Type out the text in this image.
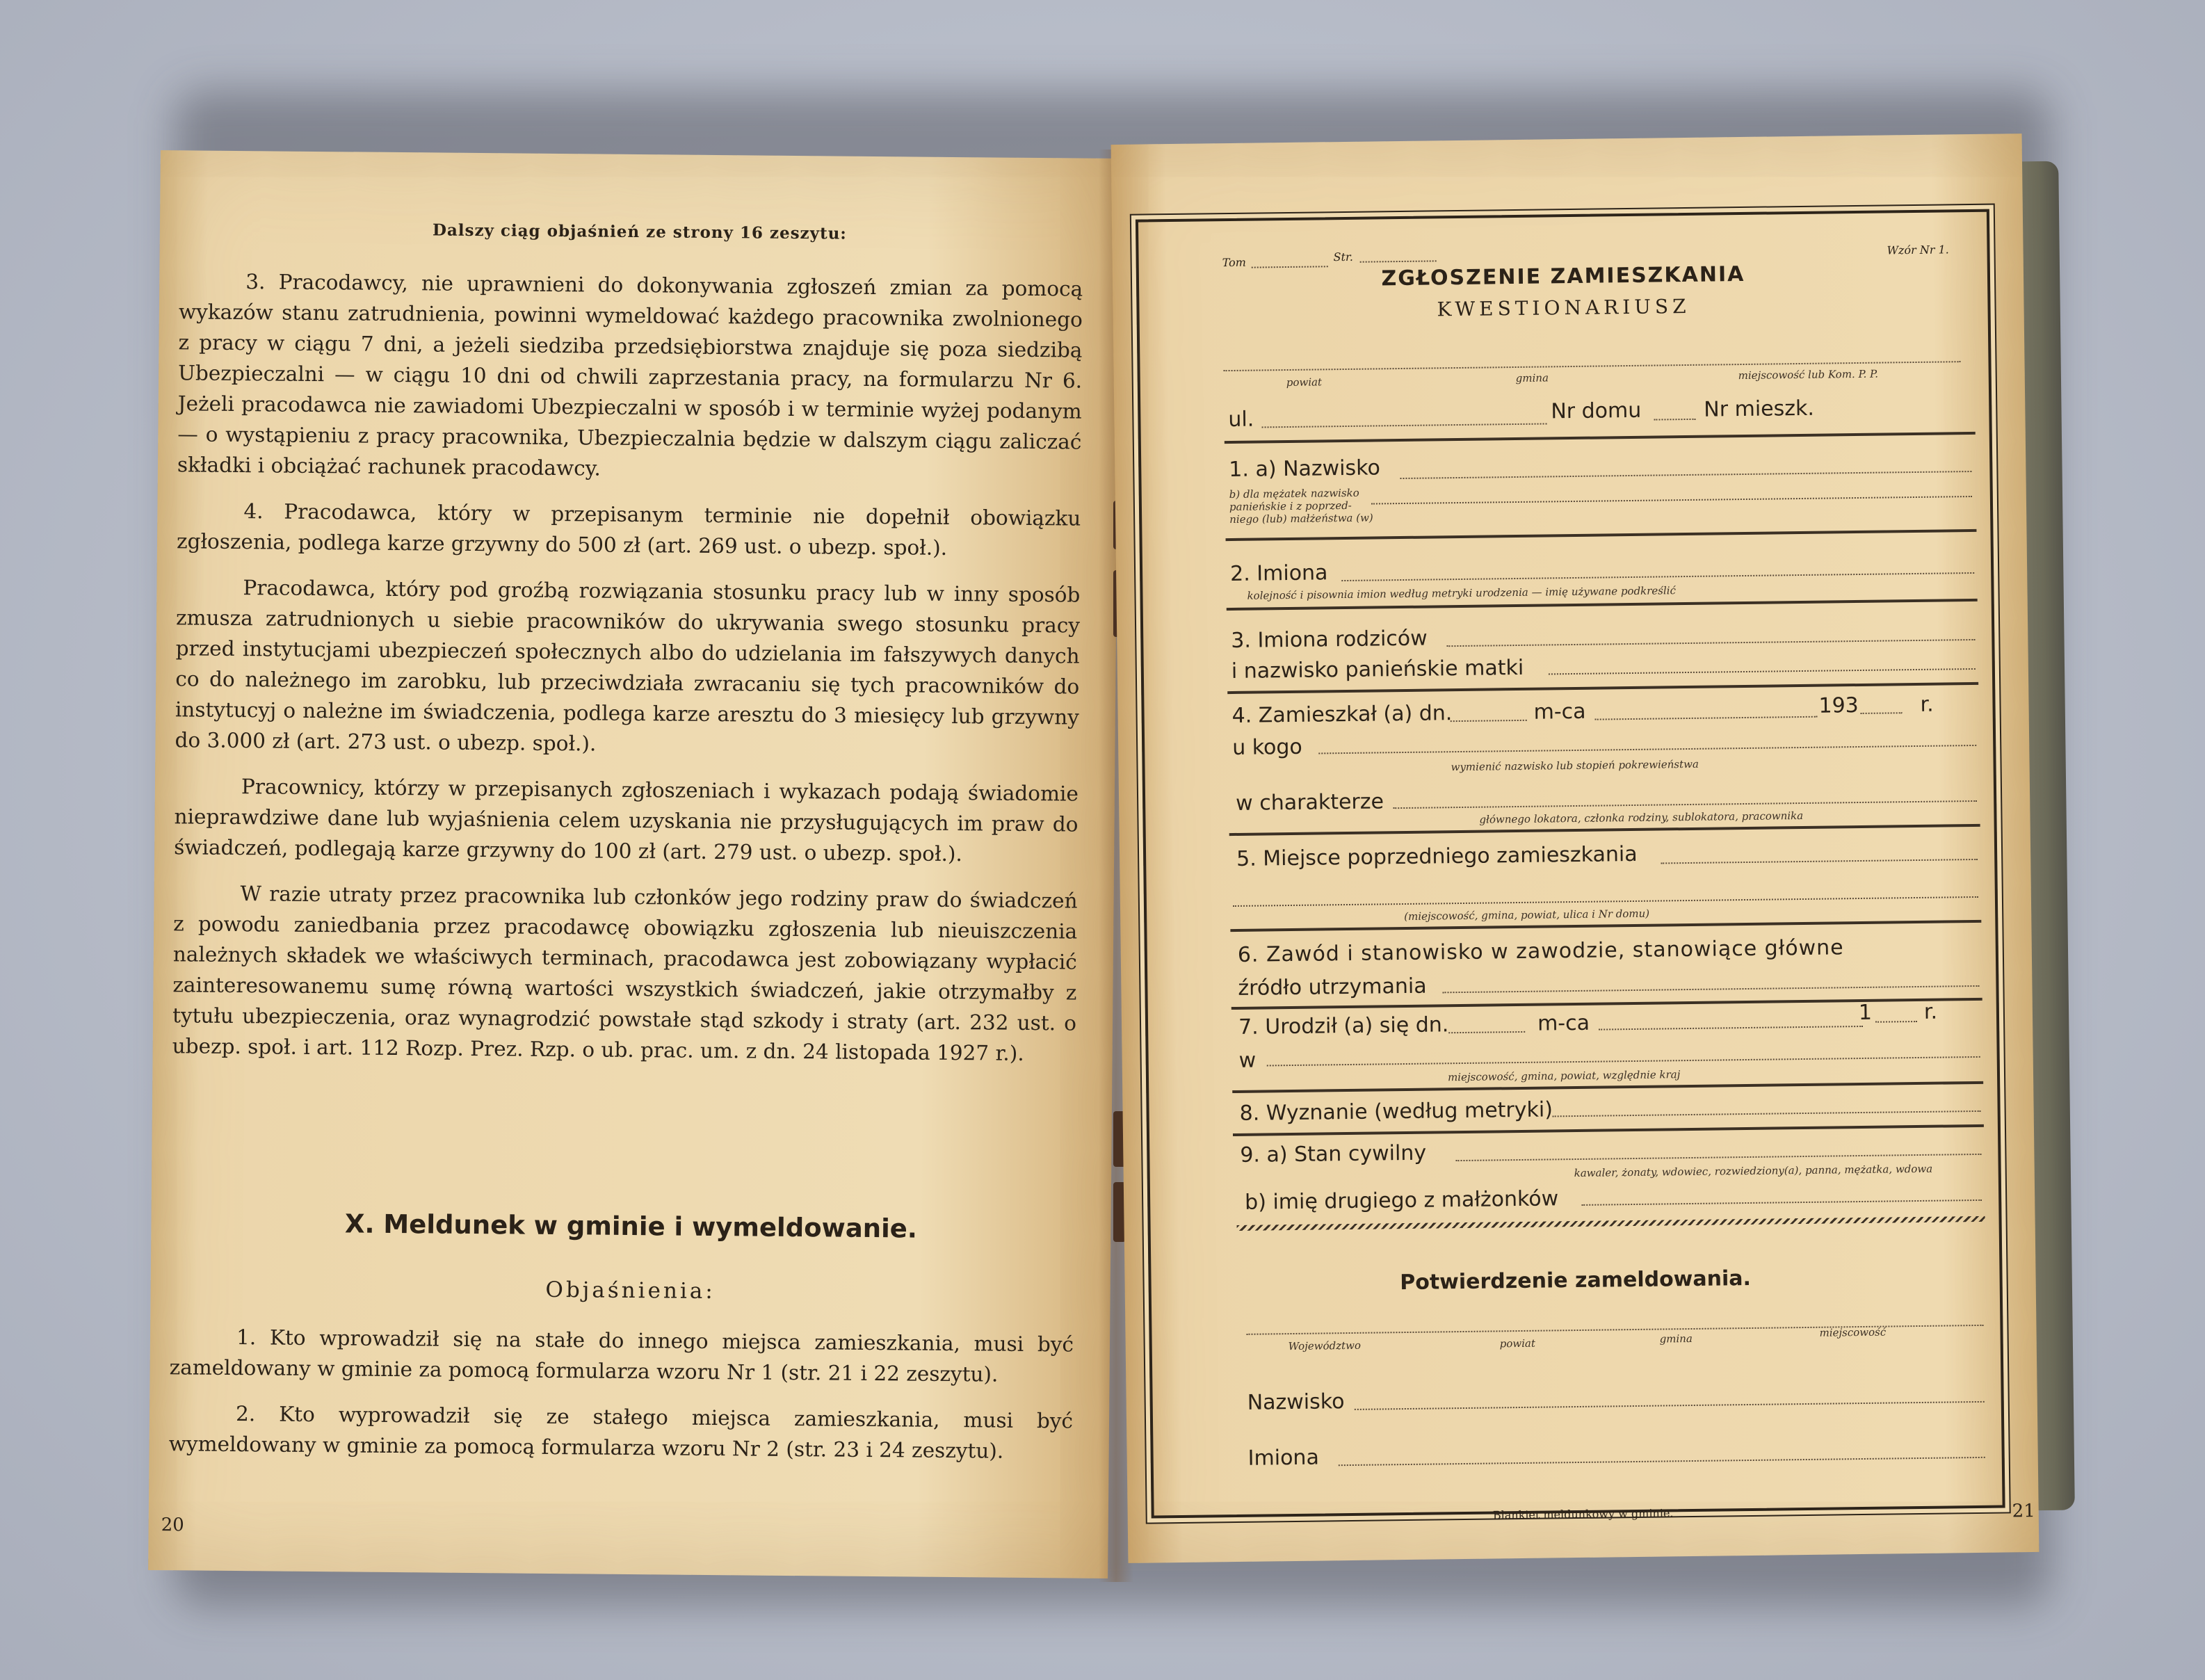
Dalszy ciąg objaśnień ze strony 16 zeszytu:

3. Pracodawcy, nie uprawnieni do dokonywania zgłoszeń zmian za pomocą wykazów stanu zatrudnienia, powinni wymeldować każdego pracownika zwolnionego z pracy w ciągu 7 dni, a jeżeli siedziba przedsiębiorstwa znajduje się poza siedzibą Ubezpieczalni — w ciągu 10 dni od chwili zaprzestania pracy, na formularzu Nr 6. Jeżeli pracodawca nie zawiadomi Ubezpieczalni w sposób i w terminie wyżej podanym — o wystąpieniu z pracy pracownika, Ubezpieczalnia będzie w dalszym ciągu zaliczać składki i obciążać rachunek pracodawcy.

4. Pracodawca, który w przepisanym terminie nie dopełnił obowiązku zgłoszenia, podlega karze grzywny do 500 zł (art. 269 ust. o ubezp. społ.).

Pracodawca, który pod groźbą rozwiązania stosunku pracy lub w inny sposób zmusza zatrudnionych u siebie pracowników do ukrywania swego stosunku pracy przed instytucjami ubezpieczeń społecznych albo do udzielania im fałszywych danych co do należnego im zarobku, lub przeciwdziała zwracaniu się tych pracowników do instytucyj o należne im świadczenia, podlega karze aresztu do 3 miesięcy lub grzywny do 3.000 zł (art. 273 ust. o ubezp. społ.).

Pracownicy, którzy w przepisanych zgłoszeniach i wykazach podają świadomie nieprawdziwe dane lub wyjaśnienia celem uzyskania nie przysługujących im praw do świadczeń, podlegają karze grzywny do 100 zł (art. 279 ust. o ubezp. społ.).

W razie utraty przez pracownika lub członków jego rodziny praw do świadczeń z powodu zaniedbania przez pracodawcę obowiązku zgłoszenia lub nieuiszczenia należnych składek we właściwych terminach, pracodawca jest zobowiązany wypłacić zainteresowanemu sumę równą wartości wszystkich świadczeń, jakie otrzymałby z tytułu ubezpieczenia, oraz wynagrodzić powstałe stąd szkody i straty (art. 232 ust. o ubezp. społ. i art. 112 Rozp. Prez. Rzp. o ub. prac. um. z dn. 24 listopada 1927 r.).

X. Meldunek w gminie i wymeldowanie.
Objaśnienia:

1. Kto wprowadził się na stałe do innego miejsca zamieszkania, musi być zameldowany w gminie za pomocą formularza wzoru Nr 1 (str. 21 i 22 zeszytu).

2. Kto wyprowadził się ze stałego miejsca zamieszkania, musi być wymeldowany w gminie za pomocą formularza wzoru Nr 2 (str. 23 i 24 zeszytu).

20
Tom	Str.
Wzór Nr 1.
ZGŁOSZENIE ZAMIESZKANIA
KWESTIONARIUSZ
powiat	gmina	miejscowość lub Kom. P. P.
ul.	Nr domu	Nr mieszk.
1. a) Nazwisko
b) dla mężatek nazwisko
panieńskie i z poprzed-
niego (lub) małżeństwa (w)
2. Imiona
kolejność i pisownia imion według metryki urodzenia — imię używane podkreślić
3. Imiona rodziców
i nazwisko panieńskie matki
4. Zamieszkał (a) dn.	m-ca	193	r.
u kogo
wymienić nazwisko lub stopień pokrewieństwa
w charakterze
głównego lokatora, członka rodziny, sublokatora, pracownika
5. Miejsce poprzedniego zamieszkania
(miejscowość, gmina, powiat, ulica i Nr domu)
6. Zawód i stanowisko w zawodzie, stanowiące główne
źródło utrzymania
7. Urodził (a) się dn.	m-ca	1 r.
w
miejscowość, gmina, powiat, względnie kraj
8. Wyznanie (według metryki)
9. a) Stan cywilny
kawaler, żonaty, wdowiec, rozwiedziony(a), panna, mężatka, wdowa
b) imię drugiego z małżonków
Potwierdzenie zameldowania.
Województwo	powiat	gmina	miejscowość
Nazwisko
Imiona
Blankiet meldunkowy w gminie.	21
